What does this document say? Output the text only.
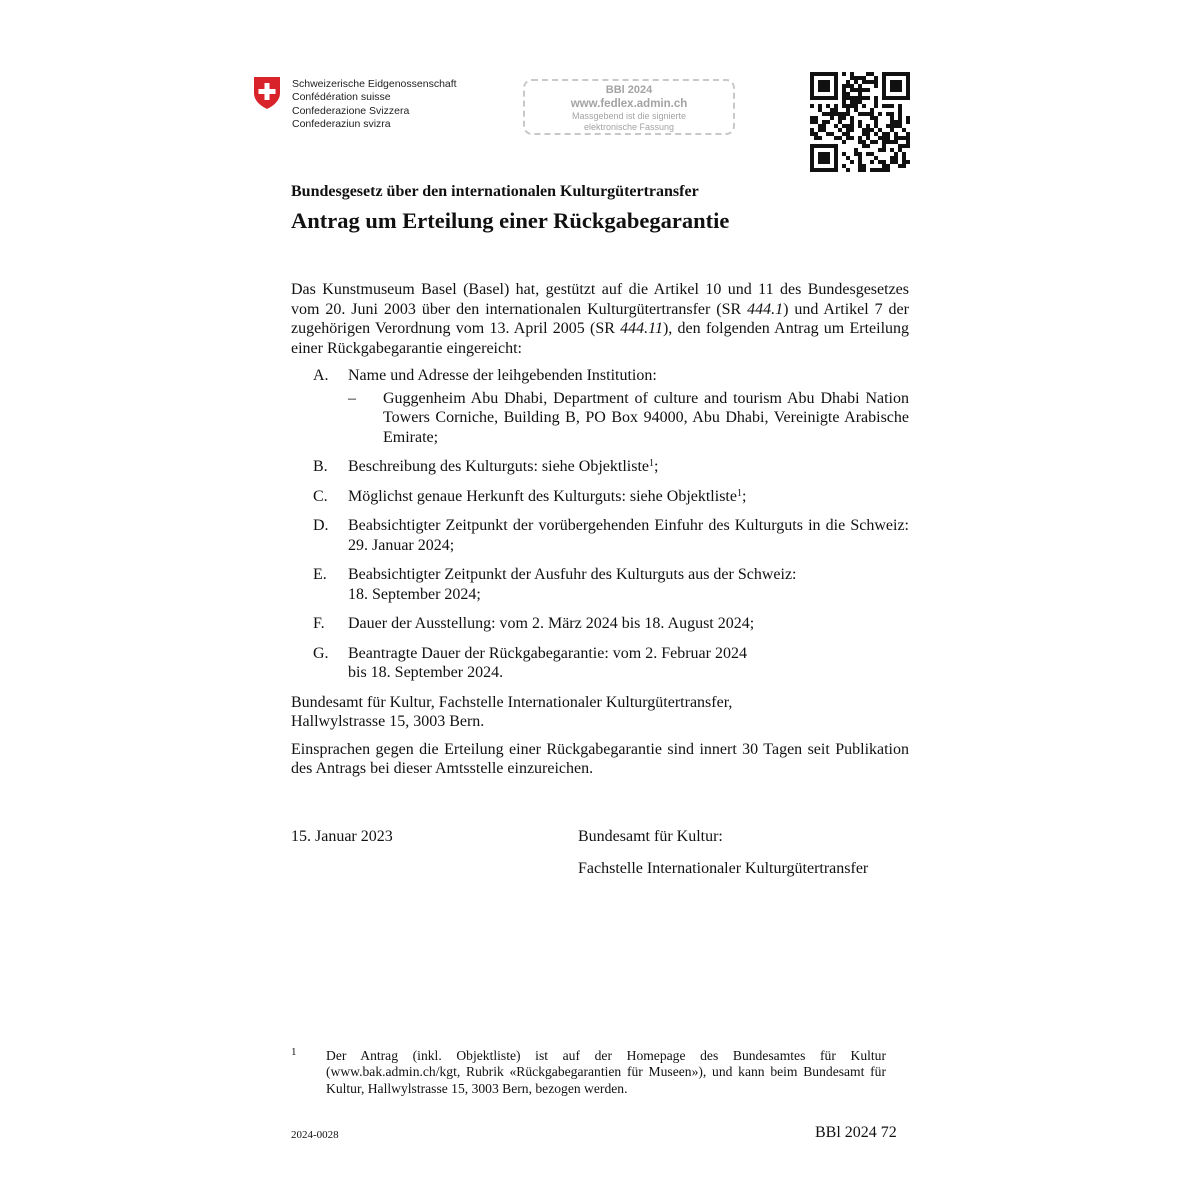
Schweizerische Eidgenossenschaft
Confédération suisse
Confederazione Svizzera
Confederaziun svizra
BBl 2024
www.fedlex.admin.ch
Massgebend ist die signierte
elektronische Fassung
Bundesgesetz über den internationalen Kulturgütertransfer
Antrag um Erteilung einer Rückgabegarantie

Das Kunstmuseum Basel (Basel) hat, gestützt auf die Artikel 10 und 11 des Bundesgesetzes vom 20. Juni 2003 über den internationalen Kulturgütertransfer (SR 444.1) und Artikel 7 der zugehörigen Verordnung vom 13. April 2005 (SR 444.11), den folgenden Antrag um Erteilung einer Rückgabegarantie eingereicht:

A. Name und Adresse der leihgebenden Institution:
– Guggenheim Abu Dhabi, Department of culture and tourism Abu Dhabi Nation Towers Corniche, Building B, PO Box 94000, Abu Dhabi, Vereinigte Arabische Emirate;
B. Beschreibung des Kulturguts: siehe Objektliste$^1$;
C. Möglichst genaue Herkunft des Kulturguts: siehe Objektliste$^1$;
D. Beabsichtigter Zeitpunkt der vorübergehenden Einfuhr des Kulturguts in die Schweiz: 29. Januar 2024;
E. Beabsichtigter Zeitpunkt der Ausfuhr des Kulturguts aus der Schweiz:
18. September 2024;
F. Dauer der Ausstellung: vom 2. März 2024 bis 18. August 2024;
G. Beantragte Dauer der Rückgabegarantie: vom 2. Februar 2024
bis 18. September 2024.

Bundesamt für Kultur, Fachstelle Internationaler Kulturgütertransfer,
Hallwylstrasse 15, 3003 Bern.

Einsprachen gegen die Erteilung einer Rückgabegarantie sind innert 30 Tagen seit Publikation des Antrags bei dieser Amtsstelle einzureichen.

15. Januar 2023	Bundesamt für Kultur:
Fachstelle Internationaler Kulturgütertransfer
1 Der Antrag (inkl. Objektliste) ist auf der Homepage des Bundesamtes für Kultur (www.bak.admin.ch/kgt, Rubrik «Rückgabegarantien für Museen»), und kann beim Bundesamt für Kultur, Hallwylstrasse 15, 3003 Bern, bezogen werden.
2024-0028	BBl 2024 72
